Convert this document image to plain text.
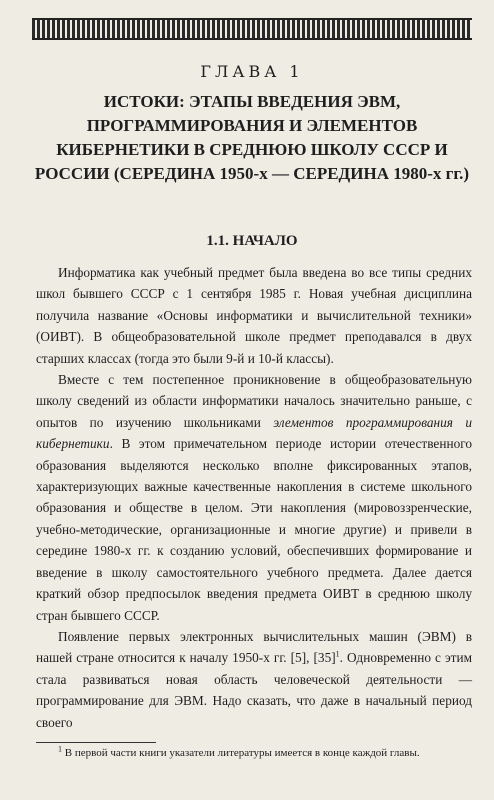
ГЛАВА 1
ИСТОКИ: ЭТАПЫ ВВЕДЕНИЯ ЭВМ, ПРОГРАММИРОВАНИЯ И ЭЛЕМЕНТОВ КИБЕРНЕТИКИ В СРЕДНЮЮ ШКОЛУ СССР И РОССИИ (СЕРЕДИНА 1950-х — СЕРЕДИНА 1980-х гг.)
1.1. НАЧАЛО

Информатика как учебный предмет была введена во все типы средних школ бывшего СССР с 1 сентября 1985 г. Новая учебная дисциплина получила название «Основы информатики и вычислительной техники» (ОИВТ). В общеобразовательной школе предмет преподавался в двух старших классах (тогда это были 9-й и 10-й классы).

Вместе с тем постепенное проникновение в общеобразовательную школу сведений из области информатики началось значительно раньше, с опытов по изучению школьниками элементов программирования и кибернетики. В этом примечательном периоде истории отечественного образования выделяются несколько вполне фиксированных этапов, характеризующих важные качественные накопления в системе школьного образования и обществе в целом. Эти накопления (мировоззренческие, учебно-методические, организационные и многие другие) и привели в середине 1980-х гг. к созданию условий, обеспечивших формирование и введение в школу самостоятельного учебного предмета. Далее дается краткий обзор предпосылок введения предмета ОИВТ в среднюю школу стран бывшего СССР.

Появление первых электронных вычислительных машин (ЭВМ) в нашей стране относится к началу 1950-х гг. [5], $[35]^1$. Одновременно с этим стала развиваться новая область человеческой деятельности — программирование для ЭВМ. Надо сказать, что даже в начальный период своего

$^1$ В первой части книги указатели литературы имеется в конце каждой главы.
